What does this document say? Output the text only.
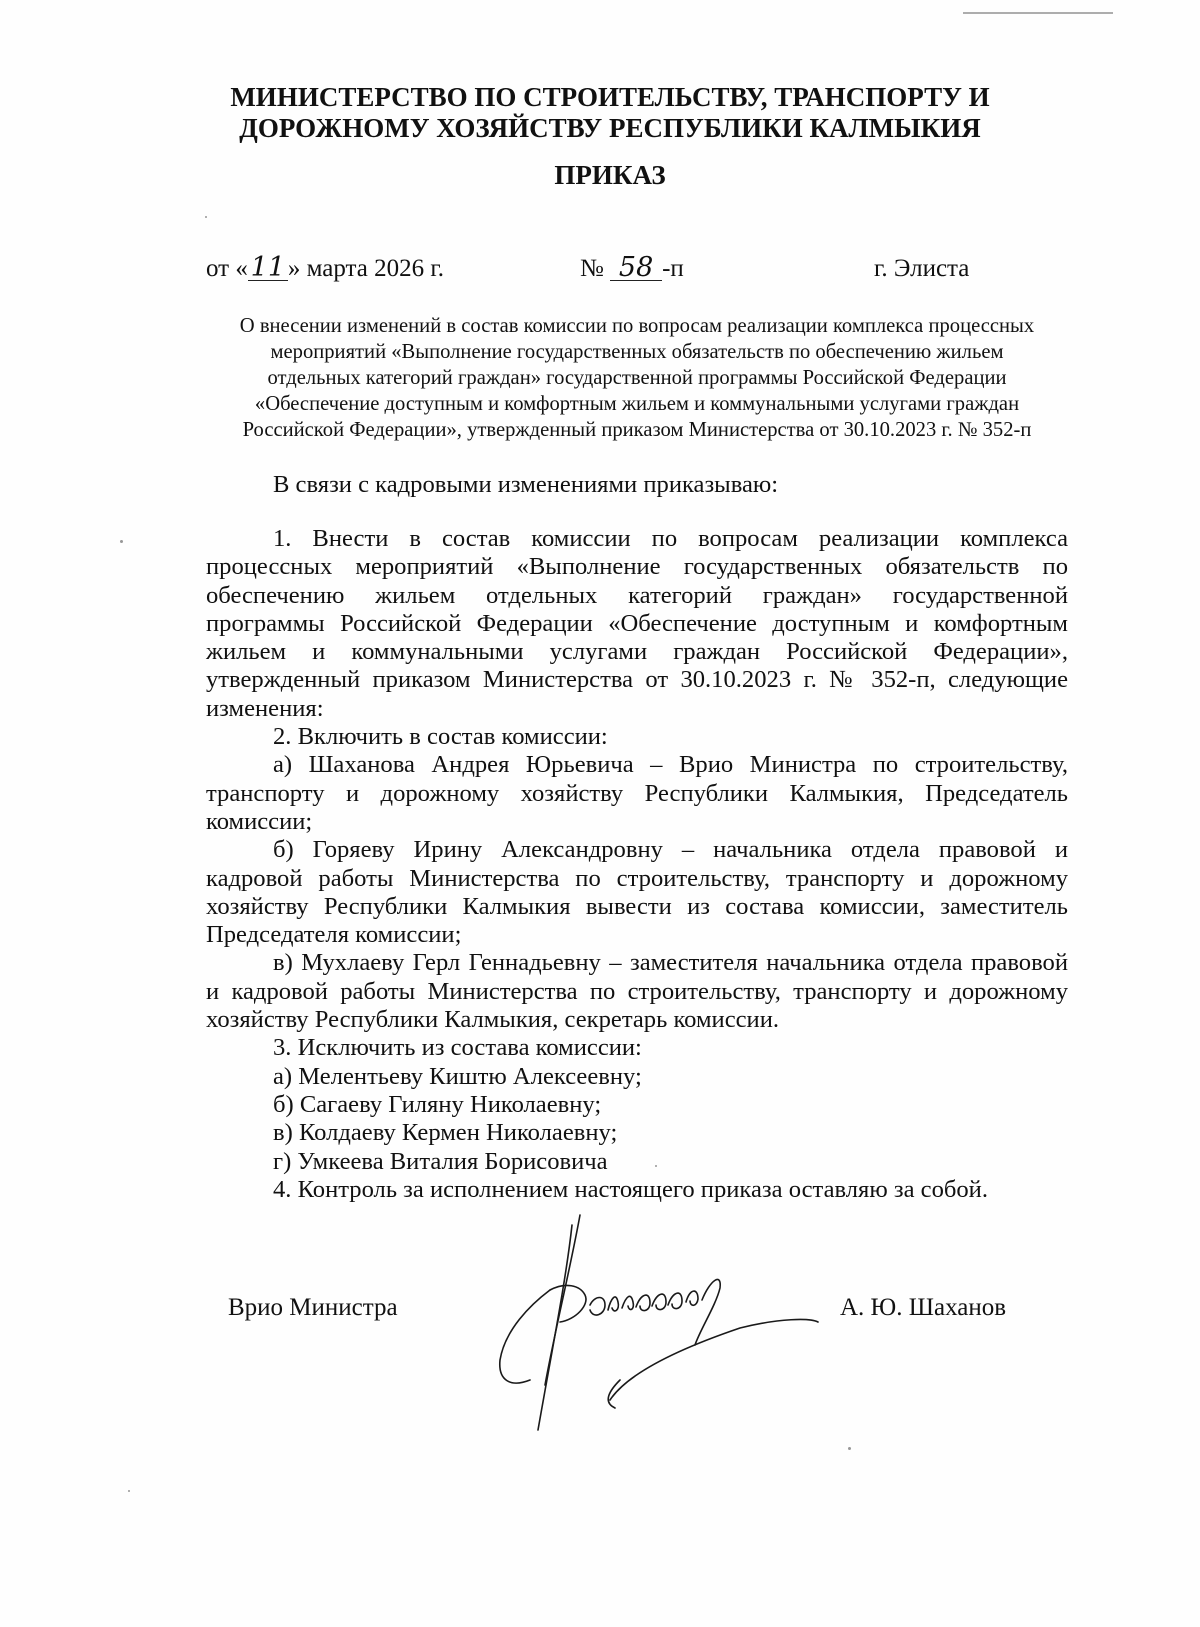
МИНИСТЕРСТВО ПО СТРОИТЕЛЬСТВУ, ТРАНСПОРТУ И
ДОРОЖНОМУ ХОЗЯЙСТВУ РЕСПУБЛИКИ КАЛМЫКИЯ
ПРИКАЗ
от « 11 » марта 2026 г.	№ 58 -п	г. Элиста
О внесении изменений в состав комиссии по вопросам реализации комплекса процессных
мероприятий «Выполнение государственных обязательств по обеспечению жильем
отдельных категорий граждан» государственной программы Российской Федерации
«Обеспечение доступным и комфортным жильем и коммунальными услугами граждан
Российской Федерации», утвержденный приказом Министерства от 30.10.2023 г. № 352-п
В связи с кадровыми изменениями приказываю:

1. Внести в состав комиссии по вопросам реализации комплекса процессных мероприятий «Выполнение государственных обязательств по обеспечению жильем отдельных категорий граждан» государственной программы Российской Федерации «Обеспечение доступным и комфортным жильем и коммунальными услугами граждан Российской Федерации», утвержденный приказом Министерства от 30.10.2023 г. № 352-п, следующие изменения:

2. Включить в состав комиссии:

а) Шаханова Андрея Юрьевича – Врио Министра по строительству, транспорту и дорожному хозяйству Республики Калмыкия, Председатель комиссии;

б) Горяеву Ирину Александровну – начальника отдела правовой и кадровой работы Министерства по строительству, транспорту и дорожному хозяйству Республики Калмыкия вывести из состава комиссии, заместитель Председателя комиссии;

в) Мухлаеву Герл Геннадьевну – заместителя начальника отдела правовой и кадровой работы Министерства по строительству, транспорту и дорожному хозяйству Республики Калмыкия, секретарь комиссии.

3. Исключить из состава комиссии:

а) Мелентьеву Киштю Алексеевну;

б) Сагаеву Гиляну Николаевну;

в) Колдаеву Кермен Николаевну;

г) Умкеева Виталия Борисовича

4. Контроль за исполнением настоящего приказа оставляю за собой.

Врио Министра	А. Ю. Шаханов
